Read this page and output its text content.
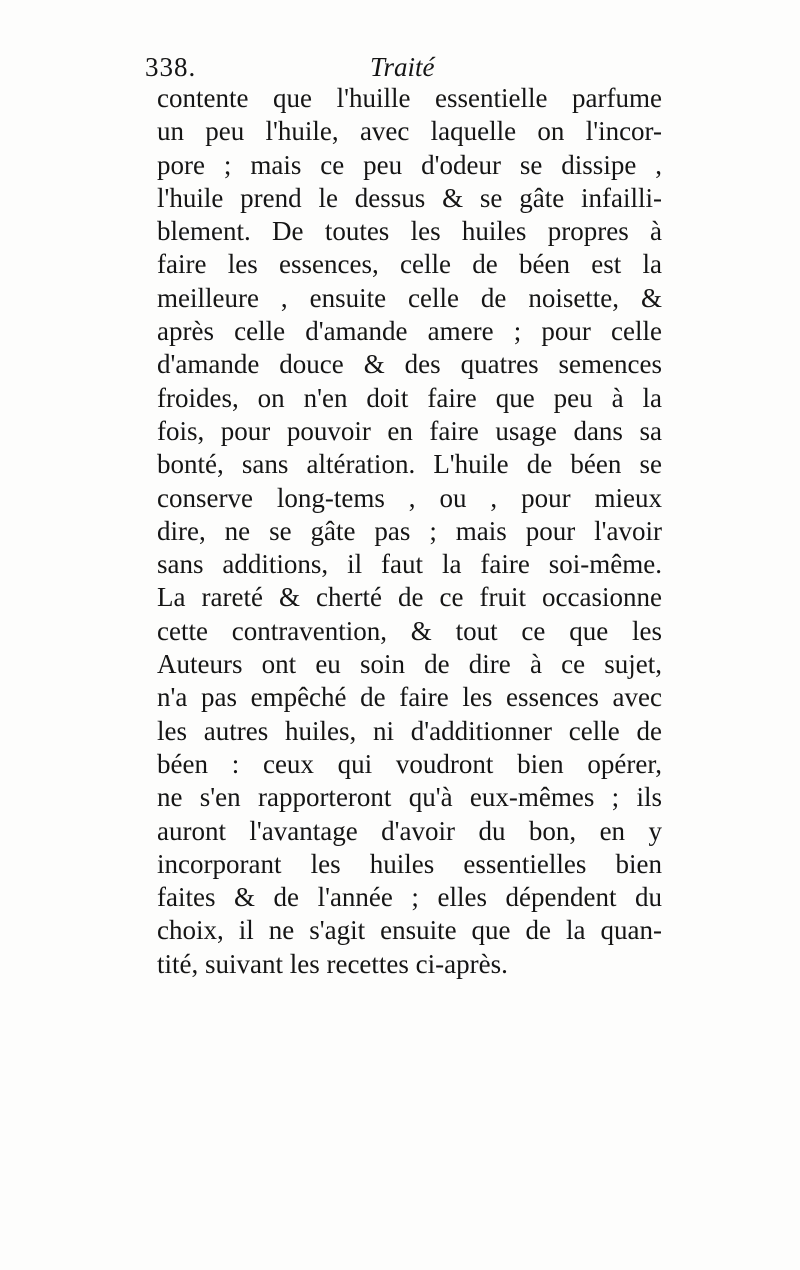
338.	Traité
contente que l'huille essentielle parfume
un peu l'huile, avec laquelle on l'incor-
pore ; mais ce peu d'odeur se dissipe ,
l'huile prend le dessus & se gâte infailli-
blement. De toutes les huiles propres à
faire les essences, celle de béen est la
meilleure , ensuite celle de noisette, &
après celle d'amande amere ; pour celle
d'amande douce & des quatres semences
froides, on n'en doit faire que peu à la
fois, pour pouvoir en faire usage dans sa
bonté, sans altération. L'huile de béen se
conserve long-tems , ou , pour mieux
dire, ne se gâte pas ; mais pour l'avoir
sans additions, il faut la faire soi-même.
La rareté & cherté de ce fruit occasionne
cette contravention, & tout ce que les
Auteurs ont eu soin de dire à ce sujet,
n'a pas empêché de faire les essences avec
les autres huiles, ni d'additionner celle de
béen : ceux qui voudront bien opérer,
ne s'en rapporteront qu'à eux-mêmes ; ils
auront l'avantage d'avoir du bon, en y
incorporant les huiles essentielles bien
faites & de l'année ; elles dépendent du
choix, il ne s'agit ensuite que de la quan-
tité, suivant les recettes ci-après.
